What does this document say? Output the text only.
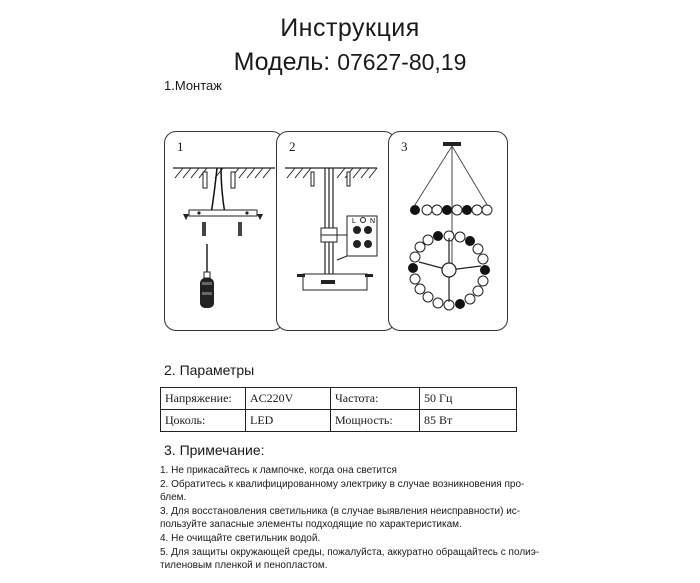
Инструкция
Модель: 07627-80,19
1.Монтаж
1
L N
2	3
2. Параметры
Напряжение:	AC220V	Частота:	50 Гц
Цоколь:	LED	Мощность:	85 Вт
3. Примечание:
1. Не прикасайтесь к лампочке, когда она светится
2. Обратитесь к квалифицированному электрику в случае возникновения про-
блем.
3. Для восстановления светильника (в случае выявления неисправности) ис-
пользуйте запасные элементы подходящие по характеристикам.
4. Не очищайте светильник водой.
5. Для защиты окружающей среды, пожалуйста, аккуратно обращайтесь с полиэ-
тиленовым пленкой и пенопластом.
